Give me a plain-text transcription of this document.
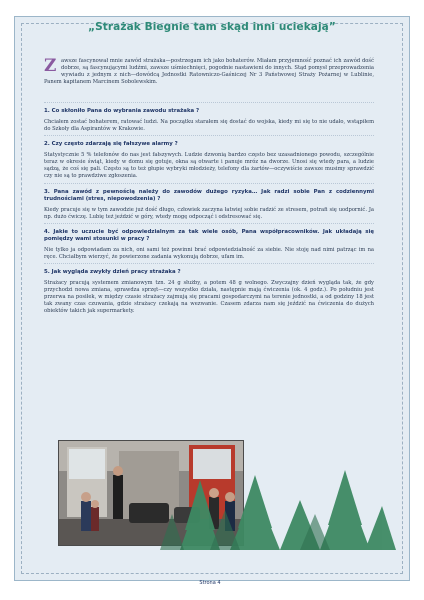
„Strażak Biegnie tam skąd inni uciekają”
Z awsze fascynował mnie zawód strażaka—postrzegam ich jako bohaterów. Miałam przyjemność poznać ich zawód dość dobrze, są fascynującymi ludźmi, zawsze uśmiechnięci, pogodnie nastawieni do innych. Stąd pomysł przeprowadzenia wywiadu z jednym z nich—dowódcą Jednostki Ratowniczo-Gaśniczej Nr 3 Państwowej Straży Pożarnej w Lublinie, Panem kapitanem Marcinem Sobolewskim.
1. Co skłoniło Pana do wybrania zawodu strażaka ?

Chciałem zostać bohaterem, ratować ludzi. Na początku starałem się dostać do wojska, kiedy mi się to nie udało, wstąpiłem do Szkoły dla Aspirantów w Krakowie.

2. Czy często zdarzają się fałszywe alarmy ?

Statystycznie 5 % telefonów do nas jest fałszywych. Ludzie dzwonią bardzo często bez uzasadnionego powodu, szczególnie teraz w okresie świąt, kiedy w domu się gotuje, okna są otwarte i panuje mróz na dworze. Unosi się wtedy para, a ludzie sądzą, że coś się pali. Często są to też głupie wybryki młodzieży, telefony dla żartów—oczywiście zawsze musimy sprawdzić czy nie są to prawdziwe zgłoszenia.

3. Pana zawód z pewnością należy do zawodów dużego ryzyka… Jak radzi sobie Pan z codziennymi trudnościami (stres, niepowodzenia) ?

Kiedy pracuje się w tym zawodzie już dość długo, człowiek zaczyna łatwiej sobie radzić ze stresem, potrafi się uodpornić. Ja np. dużo ćwiczę. Lubię też jeździć w góry, wtedy mogę odpocząć i odstresować się.

4. Jakie to uczucie być odpowiedzialnym za tak wiele osób, Pana współpracowników. Jak układają się pomiędzy wami stosunki w pracy ?

Nie tylko ja odpowiadam za nich, oni sami też powinni brać odpowiedzialność za siebie. Nie stoję nad nimi patrząc im na ręce. Chciałbym wierzyć, że powierzone zadania wykonują dobrze, ufam im.

5. Jak wygląda zwykły dzień pracy strażaka ?

Strażacy pracują systemem zmianowym tzn. 24 g służby, a potem 48 g wolnego. Zwyczajny dzień wygląda tak, że gdy przychodzi nowa zmiana, sprawdza sprzęt—czy wszystko działa, następnie mają ćwiczenia (ok. 4 godz.). Po południu jest przerwa na posiłek, w między czasie strażacy zajmują się pracami gospodarczymi na terenie jednostki, a od godziny 18 jest tak zwany czas czuwania, gdzie strażacy czekają na wezwanie. Czasem zdarza nam się jeździć na ćwiczenia do dużych obiektów takich jak supermarkety.

Strona 4
